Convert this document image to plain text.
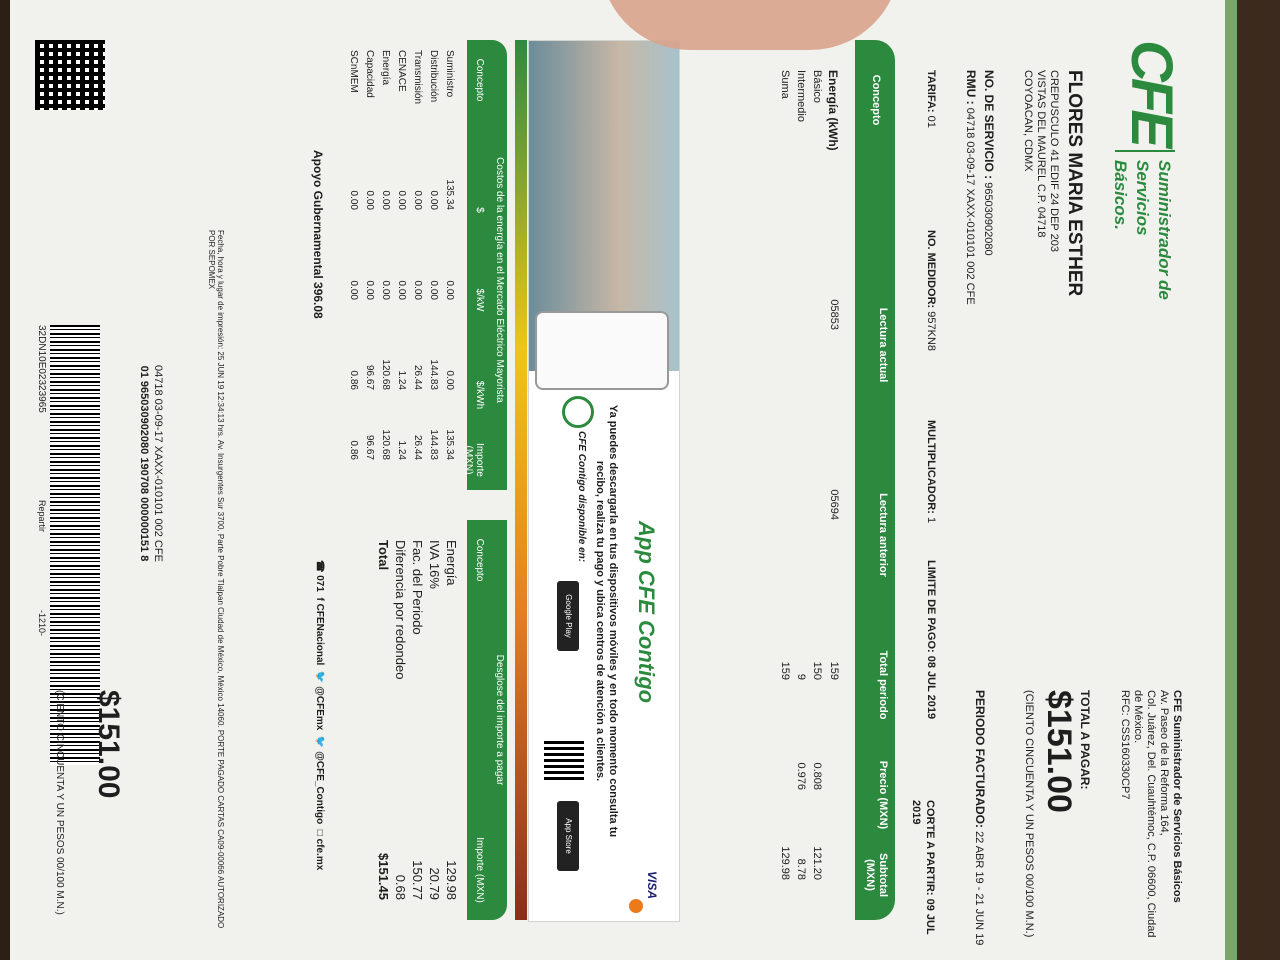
CFE
Suministrador de Servicios Básicos.
CFE Suministrador de Servicios Básicos
Av. Paseo de la Reforma 164,
Col. Juárez, Del. Cuauhtémoc, C.P. 06600, Ciudad de México.
RFC: CSS160330CP7
FLORES MARIA ESTHER
CREPUSCULO 41 EDIF 24 DEP 203
VISTAS DEL MAUREL C.P. 04718
COYOACAN, CDMX
TOTAL A PAGAR:
$151.00
(CIENTO CINCUENTA Y UN PESOS 00/100 M.N.)
NO. DE SERVICIO : 965030902080
RMU : 04718 03-09-17 XAXX-010101 002 CFE
PERIODO FACTURADO: 22 ABR 19 - 21 JUN 19
TARIFA: 01
NO. MEDIDOR: 957KN8
MULTIPLICADOR: 1
LIMITE DE PAGO: 08 JUL 2019
CORTE A PARTIR: 09 JUL 2019
Concepto
Lectura actual
Lectura anterior
Total periodo
Precio (MXN)
Subtotal (MXN)
Energía (kWh)
05853
05694
159
Básico
150
0.808
121.20
Intermedio
9
0.976
8.78
Suma
159
129.98
App CFE Contigo
Ya puedes descargarla en tus dispositivos móviles y en todo momento consulta tu recibo, realiza tu pago y ubica centros de atención a clientes.
CFE Contigo disponible en:
Google Play
App Store
VISA
Costos de la energía en el Mercado Eléctrico Mayorista
Concepto
$
$/kW
$/kWh
Importe (MXN)
Desglose del importe a pagar
Concepto
Importe (MXN)
Suministro
135.34
0.00
0.00
135.34
Distribución
0.00
0.00
144.83
144.83
Transmisión
0.00
0.00
26.44
26.44
CENACE
0.00
0.00
1.24
1.24
Energía
0.00
0.00
120.68
120.68
Capacidad
0.00
0.00
96.67
96.67
SCnMEM
0.00
0.00
0.86
0.86
Energía
129.98
IVA 16%
20.79
Fac. del Periodo
150.77
Diferencia por redondeo
0.68
Total
$151.45
Apoyo Gubernamental 396.08
☎ 071  f CFENacional  🐦 @CFEmx  🐦 @CFE_Contigo  □ cfe.mx
Fecha, hora y lugar de impresión: 25 JUN 19 12:34:13 hrs. Av. Insurgentes Sur 3700, Parte Pobre Tlalpan Ciudad de México, México 14060. PORTE PAGADO CARTAS CA09-00066 AUTORIZADO POR SEPOMEX
04718 03-09-17 XAXX-010101 002 CFE
01 965030902080 190708 000000151 8
32DN10E02323965
Repartir
-1210-
$151.00
(CIENTO CINCUENTA Y UN PESOS 00/100 M.N.)
